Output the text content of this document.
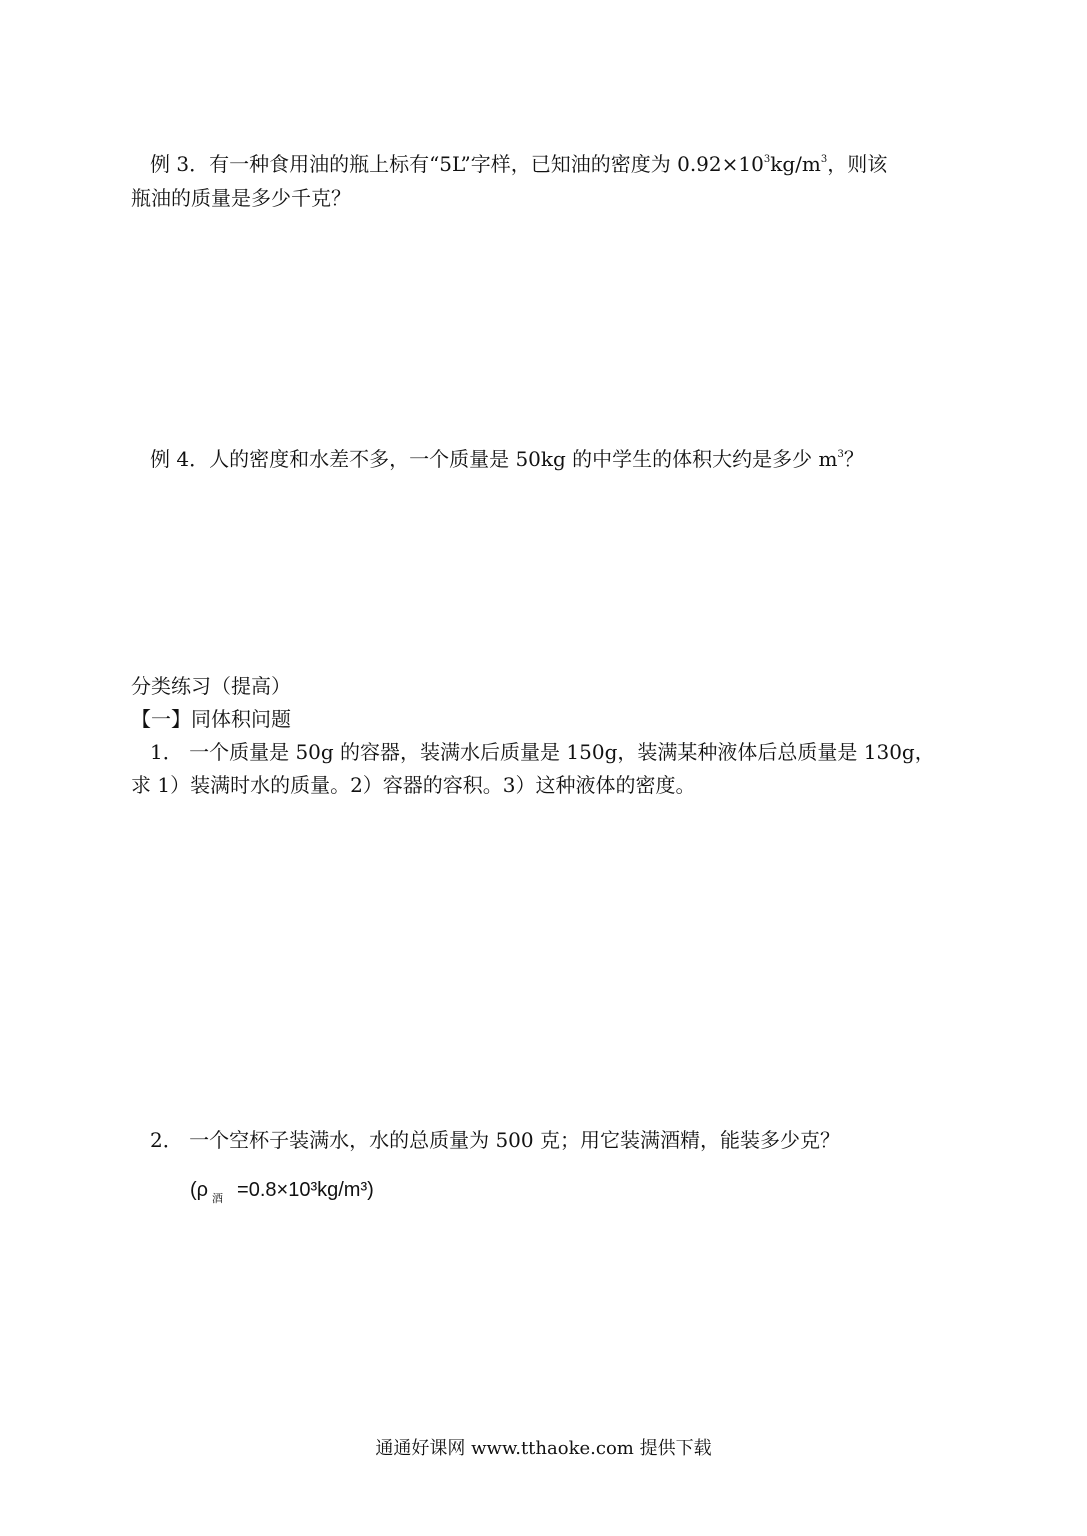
例 3．有一种食用油的瓶上标有“5L”字样，已知油的密度为 $0.92\times 10^3kg/m^3$，则该
瓶油的质量是多少千克？
例 4．人的密度和水差不多，一个质量是 50kg 的中学生的体积大约是多少 $m^3$？
分类练习（提高）
【一】同体积问题
1． 一个质量是 50g 的容器，装满水后质量是 150g，装满某种液体后总质量是 130g，
求 1）装满时水的质量。2）容器的容积。3）这种液体的密度。
2． 一个空杯子装满水，水的总质量为 500 克；用它装满酒精，能装多少克？
(ρ $_酒$ =0.8×10³kg/m³)
通通好课网 www.tthaoke.com 提供下载
